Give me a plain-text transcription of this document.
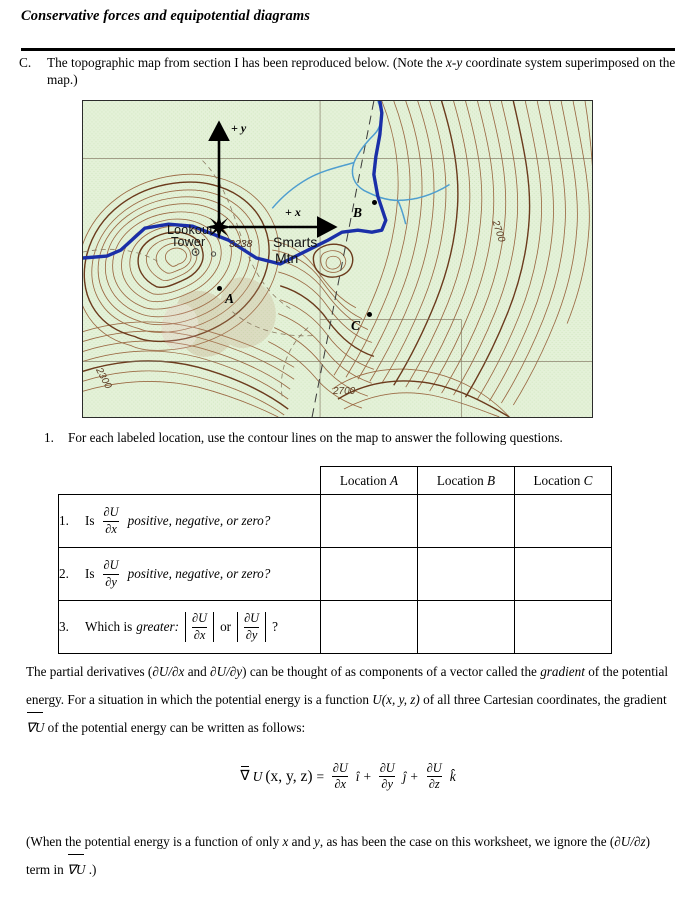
Conservative forces and equipotential diagrams
C.	The topographic map from section I has been reproduced below. (Note the x-y coordinate system superimposed on the map.)
Lookout
Tower 3238 Smarts
Mtn
2700
2700
2300
+ y
+ x
A
B
C
1.	For each labeled location, use the contour lines on the map to answer the following questions.
	Location A	Location B	Location C

1. Is $\frac{\partial U}{\partial x}$ positive, negative, or zero?			

2. Is $\frac{\partial U}{\partial y}$ positive, negative, or zero?			

3.	Which is greater: $\frac{\partial U}{\partial x}$ or $\frac{\partial U}{\partial y}$ ?

The partial derivatives (∂U/∂x and ∂U/∂y) can be thought of as components of a vector called the gradient of the potential energy. For a situation in which the potential energy is a function U(x, y, z) of all three Cartesian coordinates, the gradient ∇U of the potential energy can be written as follows:
∇ U (x, y, $z) = \frac{\partial U}{\partial x}$ î + $\frac{\partial U}{\partial y}$ ĵ + $\frac{\partial U}{\partial z}$ k̂
(When the potential energy is a function of only x and y, as has been the case on this worksheet, we ignore the (∂U/∂z) term in ∇U .)
